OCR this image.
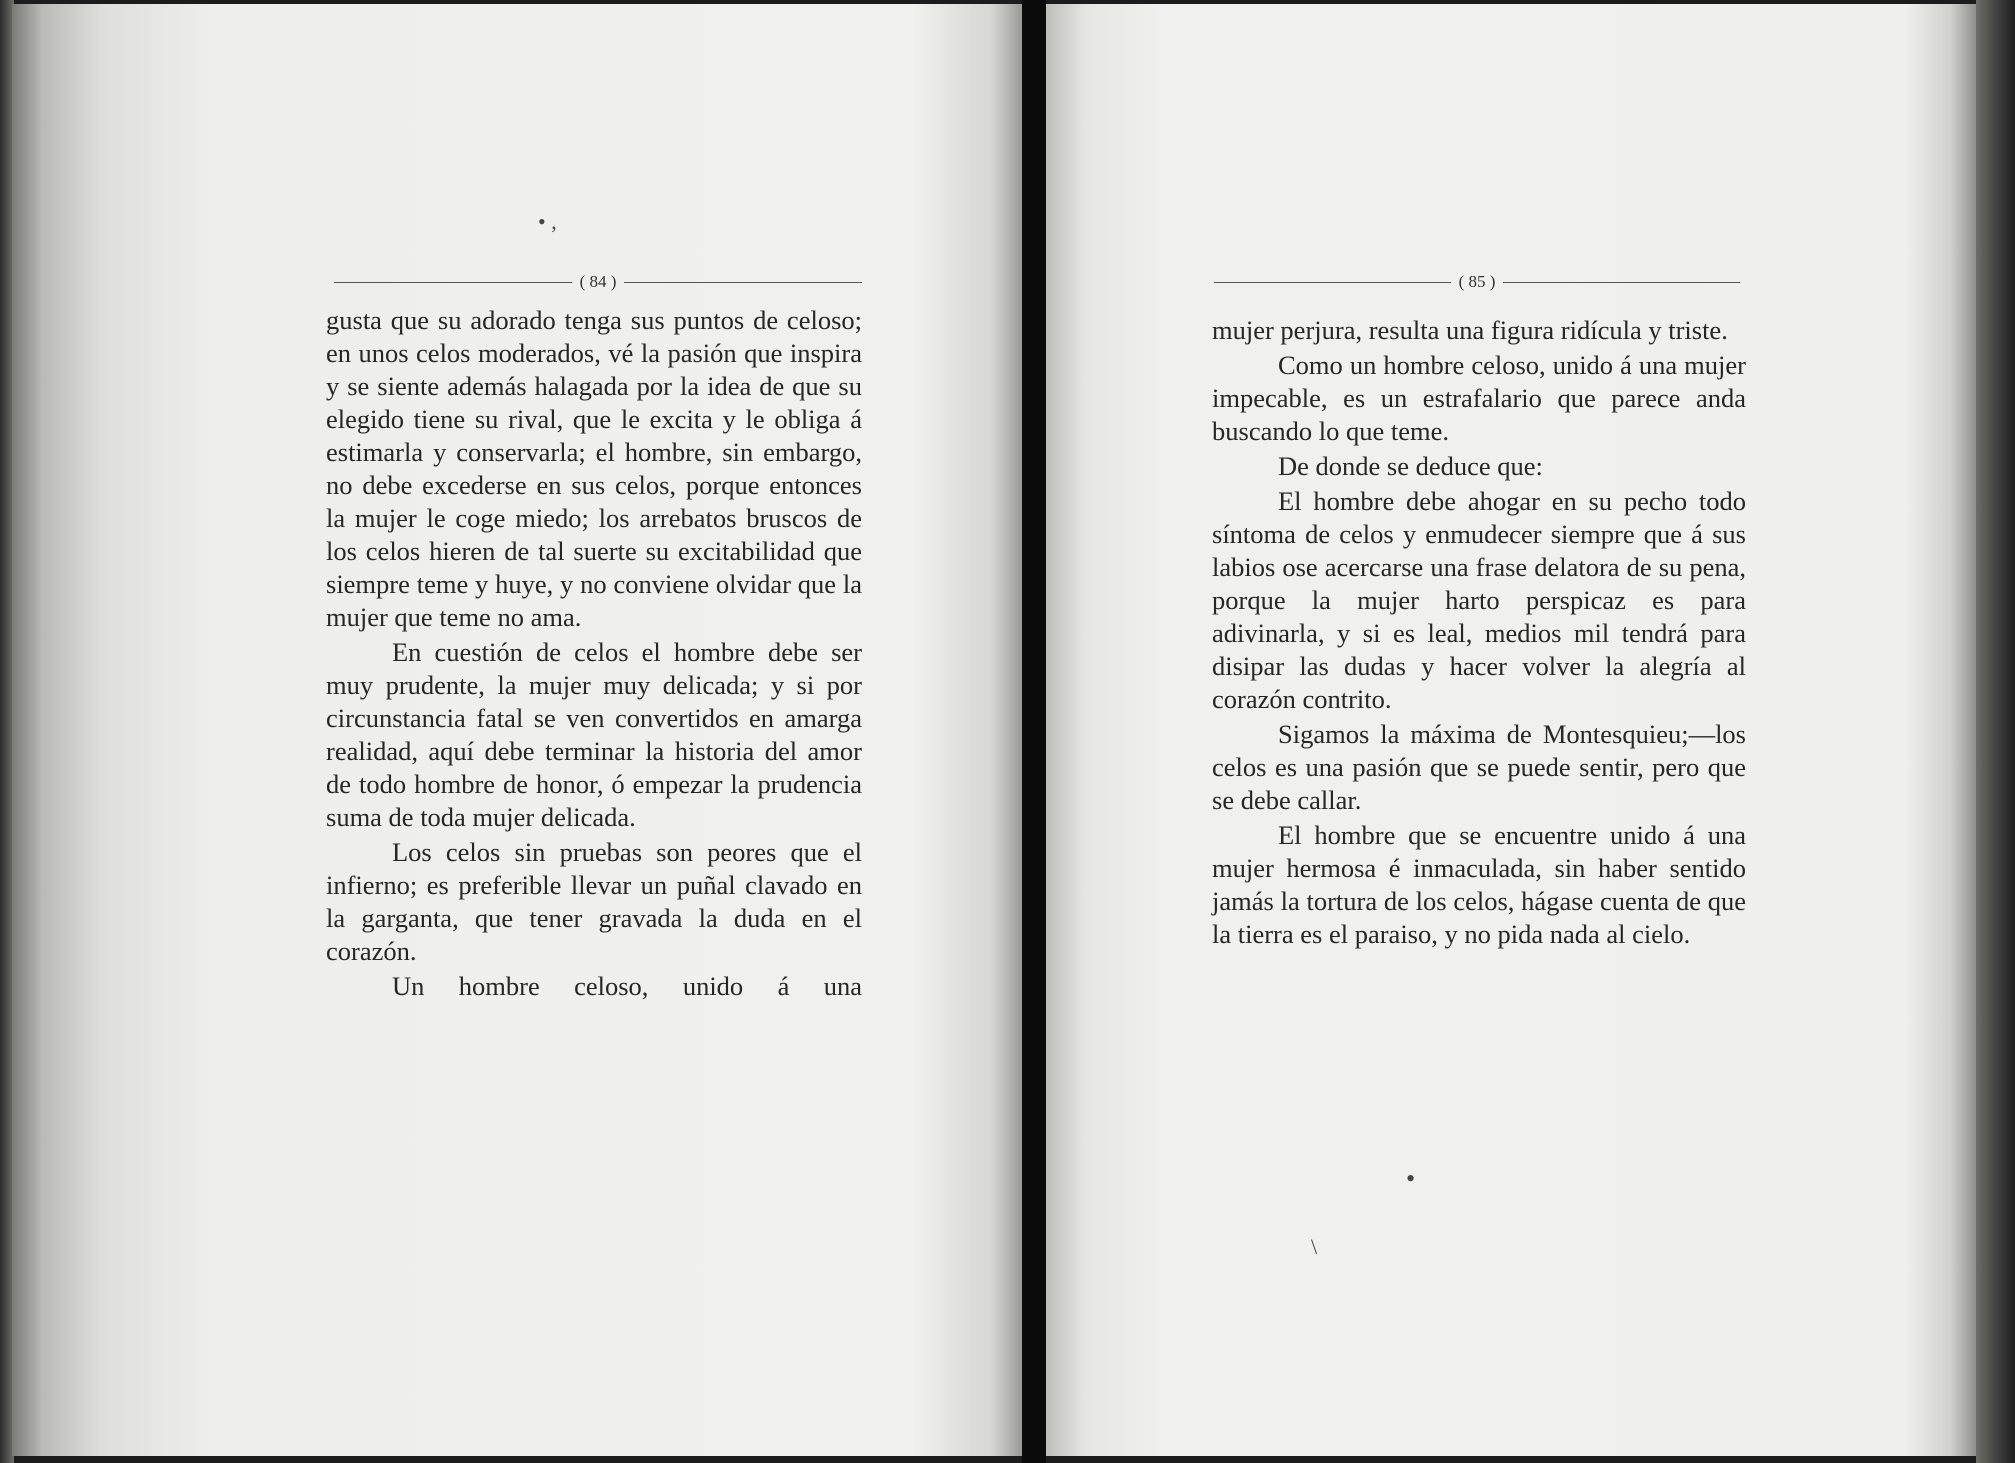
• ,
( 84 )

gusta que su adorado tenga sus puntos de celoso; en unos celos moderados, vé la pasión que inspira y se siente además halagada por la idea de que su elegido tiene su rival, que le excita y le obliga á estimarla y conservarla; el hombre, sin embargo, no debe excederse en sus celos, porque entonces la mujer le coge miedo; los arrebatos bruscos de los celos hieren de tal suerte su excitabilidad que siempre teme y huye, y no conviene olvidar que la mujer que teme no ama.

En cuestión de celos el hombre debe ser muy prudente, la mujer muy delicada; y si por circunstancia fatal se ven convertidos en amarga realidad, aquí debe terminar la historia del amor de todo hombre de honor, ó empezar la prudencia suma de toda mujer delicada.

Los celos sin pruebas son peores que el infierno; es preferible llevar un puñal clavado en la garganta, que tener gravada la duda en el corazón.

Un hombre celoso, unido á una

( 85 )

mujer perjura, resulta una figura ridícula y triste.

Como un hombre celoso, unido á una mujer impecable, es un estrafalario que parece anda buscando lo que teme.

De donde se deduce que:

El hombre debe ahogar en su pecho todo síntoma de celos y enmudecer siempre que á sus labios ose acercarse una frase delatora de su pena, porque la mujer harto perspicaz es para adivinarla, y si es leal, medios mil tendrá para disipar las dudas y hacer volver la alegría al corazón contrito.

Sigamos la máxima de Montesquieu;—los celos es una pasión que se puede sentir, pero que se debe callar.

El hombre que se encuentre unido á una mujer hermosa é inmaculada, sin haber sentido jamás la tortura de los celos, hágase cuenta de que la tierra es el paraiso, y no pida nada al cielo.

•
\
